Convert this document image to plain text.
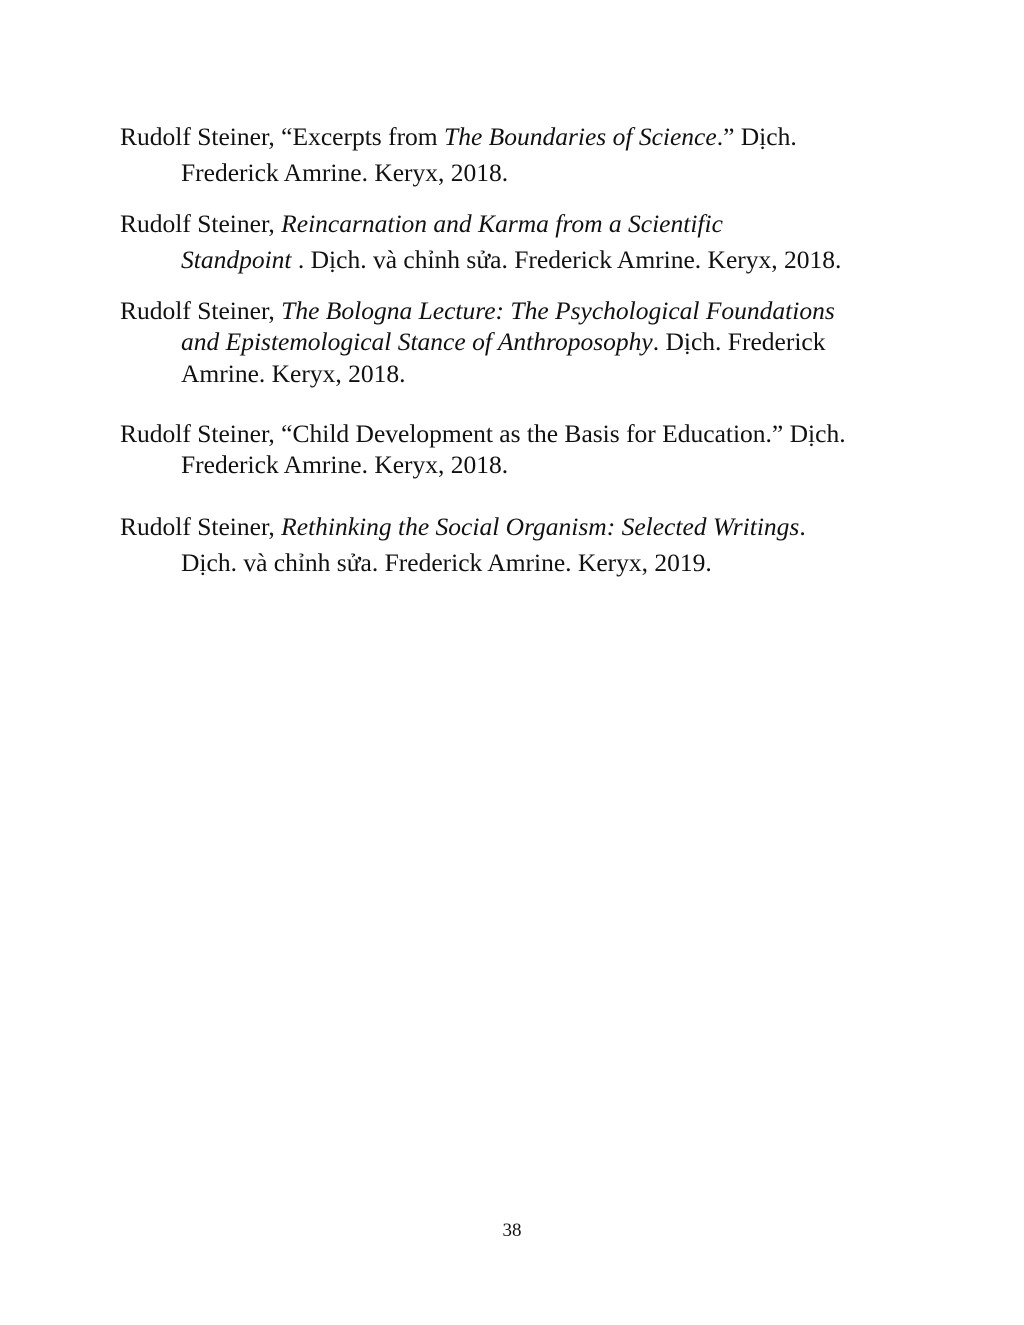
Rudolf Steiner, “Excerpts from The Boundaries of Science.” Dịch.
Frederick Amrine. Keryx, 2018.
Rudolf Steiner, Reincarnation and Karma from a Scientific
Standpoint . Dịch. và chỉnh sửa. Frederick Amrine. Keryx, 2018.
Rudolf Steiner, The Bologna Lecture: The Psychological Foundations
and Epistemological Stance of Anthroposophy. Dịch. Frederick
Amrine. Keryx, 2018.
Rudolf Steiner, “Child Development as the Basis for Education.” Dịch.
Frederick Amrine. Keryx, 2018.
Rudolf Steiner, Rethinking the Social Organism: Selected Writings.
Dịch. và chỉnh sửa. Frederick Amrine. Keryx, 2019.
38
